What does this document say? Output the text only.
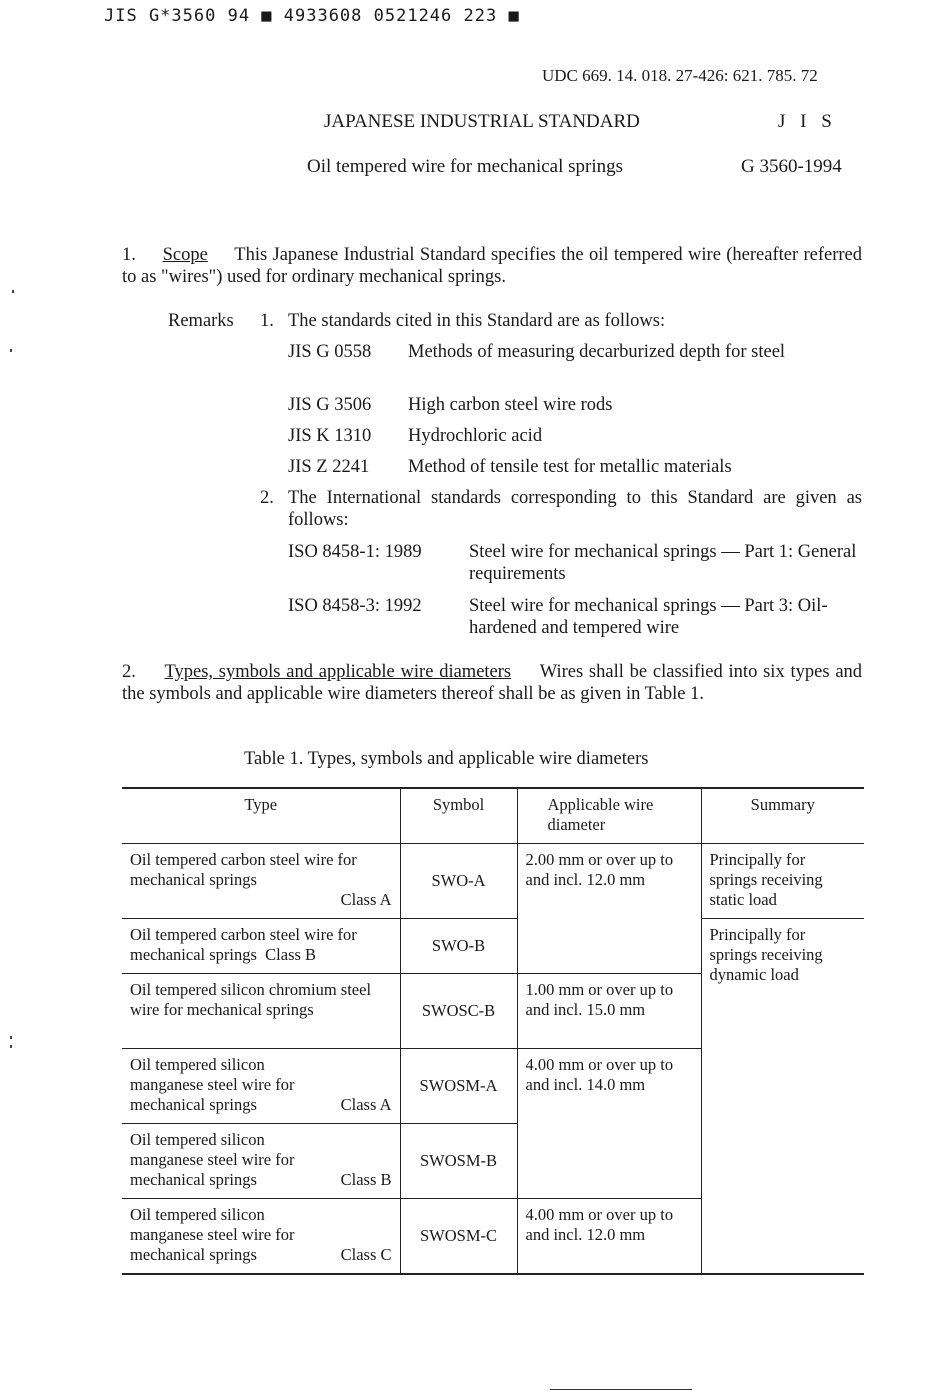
JIS G*3560 94 ■ 4933608 0521246 223 ■
UDC 669. 14. 018. 27-426: 621. 785. 72
JAPANESE INDUSTRIAL STANDARD	J I S
Oil tempered wire for mechanical springs	G 3560-1994
1. Scope This Japanese Industrial Standard specifies the oil tempered wire (hereafter referred to as "wires") used for ordinary mechanical springs.
Remarks 1. The standards cited in this Standard are as follows:
JIS G 0558 Methods of measuring decarburized depth for steel
JIS G 3506 High carbon steel wire rods
JIS K 1310 Hydrochloric acid
JIS Z 2241 Method of tensile test for metallic materials
2. The International standards corresponding to this Standard are given as follows:
ISO 8458-1: 1989	Steel wire for mechanical springs — Part 1: General requirements
ISO 8458-3: 1992	Steel wire for mechanical springs — Part 3: Oil-hardened and tempered wire
2. Types, symbols and applicable wire diameters Wires shall be classified into six types and the symbols and applicable wire diameters thereof shall be as given in Table 1.
Table 1. Types, symbols and applicable wire diameters
Type	Symbol	Applicable wire diameter	Summary

Oil tempered carbon steel wire for mechanical springs
Class A	SWO-A	2.00 mm or over up to and incl. 12.0 mm	Principally for springs receiving static load
Oil tempered carbon steel wire for mechanical springs Class B	SWO-B		Principally for springs receiving dynamic load
Oil tempered silicon chromium steel wire for mechanical springs	SWOSC-B	1.00 mm or over up to and incl. 15.0 mm	

Oil tempered silicon manganese steel wire for mechanical springs Class A	SWOSM-A	4.00 mm or over up to and incl. 14.0 mm	

Oil tempered silicon manganese steel wire for mechanical springs Class B	SWOSM-B		

Oil tempered silicon manganese steel wire for mechanical springs Class C	SWOSM-C	4.00 mm or over up to and incl. 12.0 mm	
